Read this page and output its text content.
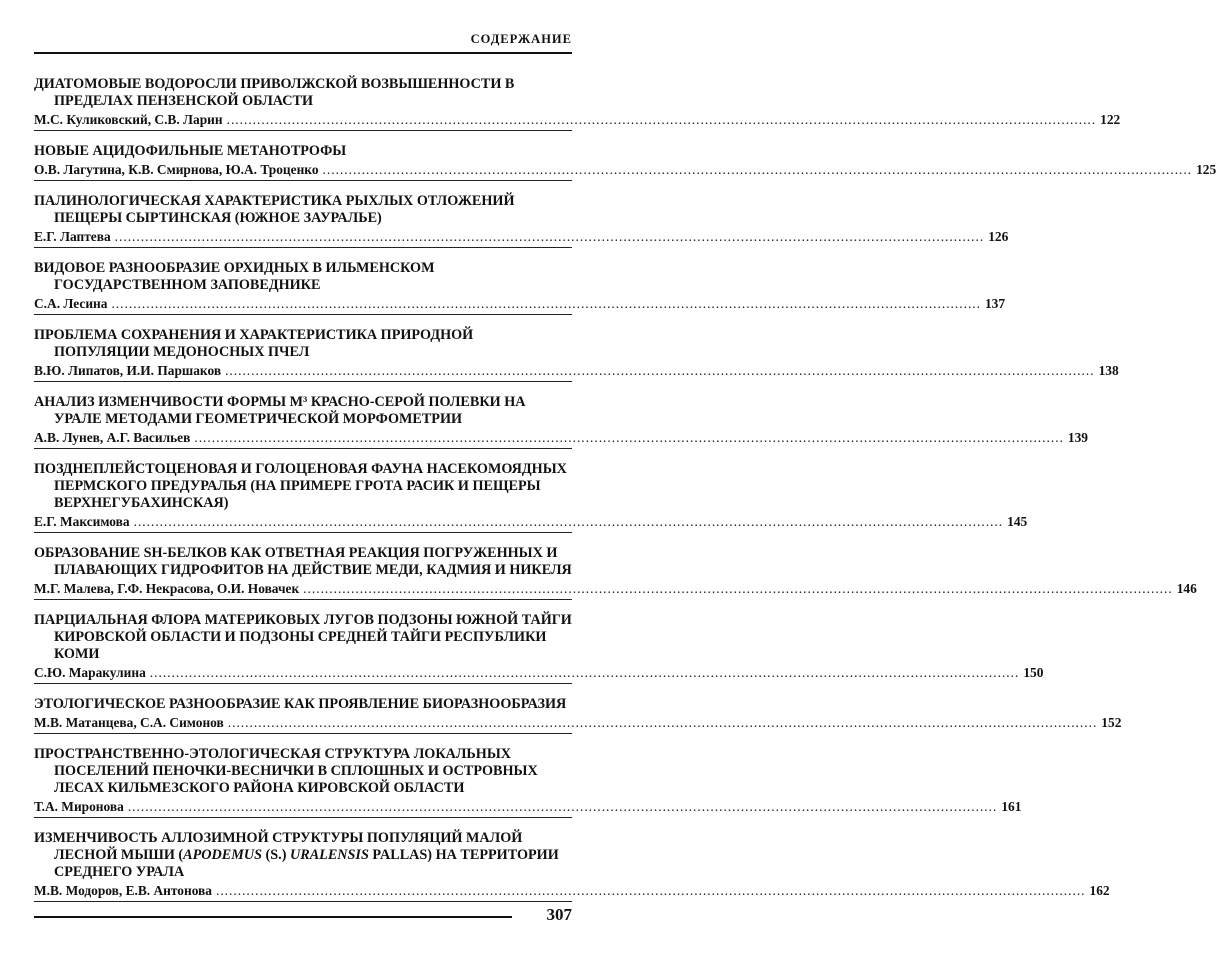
СОДЕРЖАНИЕ
ДИАТОМОВЫЕ ВОДОРОСЛИ ПРИВОЛЖСКОЙ ВОЗВЫШЕННОСТИ В ПРЕДЕЛАХ ПЕНЗЕНСКОЙ ОБЛАСТИ
М.С. Куликовский, С.В. Ларин ........................................................................................................................................................................................................ 122
НОВЫЕ АЦИДОФИЛЬНЫЕ МЕТАНОТРОФЫ
О.В. Лагутина, К.В. Смирнова, Ю.А. Троценко ........................................................................................................................................................................................................ 125
ПАЛИНОЛОГИЧЕСКАЯ ХАРАКТЕРИСТИКА РЫХЛЫХ ОТЛОЖЕНИЙ ПЕЩЕРЫ СЫРТИНСКАЯ (ЮЖНОЕ ЗАУРАЛЬЕ)
Е.Г. Лаптева ........................................................................................................................................................................................................ 126
ВИДОВОЕ РАЗНООБРАЗИЕ ОРХИДНЫХ В ИЛЬМЕНСКОМ ГОСУДАРСТВЕННОМ ЗАПОВЕДНИКЕ
С.А. Лесина ........................................................................................................................................................................................................ 137
ПРОБЛЕМА СОХРАНЕНИЯ И ХАРАКТЕРИСТИКА ПРИРОДНОЙ ПОПУЛЯЦИИ МЕДОНОСНЫХ ПЧЕЛ
В.Ю. Липатов, И.И. Паршаков ........................................................................................................................................................................................................ 138
АНАЛИЗ ИЗМЕНЧИВОСТИ ФОРМЫ M³ КРАСНО-СЕРОЙ ПОЛЕВКИ НА УРАЛЕ МЕТОДАМИ ГЕОМЕТРИЧЕСКОЙ МОРФОМЕТРИИ
А.В. Лунев, А.Г. Васильев ........................................................................................................................................................................................................ 139
ПОЗДНЕПЛЕЙСТОЦЕНОВАЯ И ГОЛОЦЕНОВАЯ ФАУНА НАСЕКОМОЯДНЫХ ПЕРМСКОГО ПРЕДУРАЛЬЯ (НА ПРИМЕРЕ ГРОТА РАСИК И ПЕЩЕРЫ ВЕРХНЕГУБАХИНСКАЯ)
Е.Г. Максимова ........................................................................................................................................................................................................ 145
ОБРАЗОВАНИЕ SH-БЕЛКОВ КАК ОТВЕТНАЯ РЕАКЦИЯ ПОГРУЖЕННЫХ И ПЛАВАЮЩИХ ГИДРОФИТОВ НА ДЕЙСТВИЕ МЕДИ, КАДМИЯ И НИКЕЛЯ
М.Г. Малева, Г.Ф. Некрасова, О.И. Новачек ........................................................................................................................................................................................................ 146
ПАРЦИАЛЬНАЯ ФЛОРА МАТЕРИКОВЫХ ЛУГОВ ПОДЗОНЫ ЮЖНОЙ ТАЙГИ КИРОВСКОЙ ОБЛАСТИ И ПОДЗОНЫ СРЕДНЕЙ ТАЙГИ РЕСПУБЛИКИ КОМИ
С.Ю. Маракулина ........................................................................................................................................................................................................ 150
ЭТОЛОГИЧЕСКОЕ РАЗНООБРАЗИЕ КАК ПРОЯВЛЕНИЕ БИОРАЗНООБРАЗИЯ
М.В. Матанцева, С.А. Симонов ........................................................................................................................................................................................................ 152
ПРОСТРАНСТВЕННО-ЭТОЛОГИЧЕСКАЯ СТРУКТУРА ЛОКАЛЬНЫХ ПОСЕЛЕНИЙ ПЕНОЧКИ-ВЕСНИЧКИ В СПЛОШНЫХ И ОСТРОВНЫХ ЛЕСАХ КИЛЬМЕЗСКОГО РАЙОНА КИРОВСКОЙ ОБЛАСТИ
Т.А. Миронова ........................................................................................................................................................................................................ 161
ИЗМЕНЧИВОСТЬ АЛЛОЗИМНОЙ СТРУКТУРЫ ПОПУЛЯЦИЙ МАЛОЙ ЛЕСНОЙ МЫШИ (APODEMUS (S.) URALENSIS PALLAS) НА ТЕРРИТОРИИ СРЕДНЕГО УРАЛА
М.В. Модоров, Е.В. Антонова ........................................................................................................................................................................................................ 162
307
